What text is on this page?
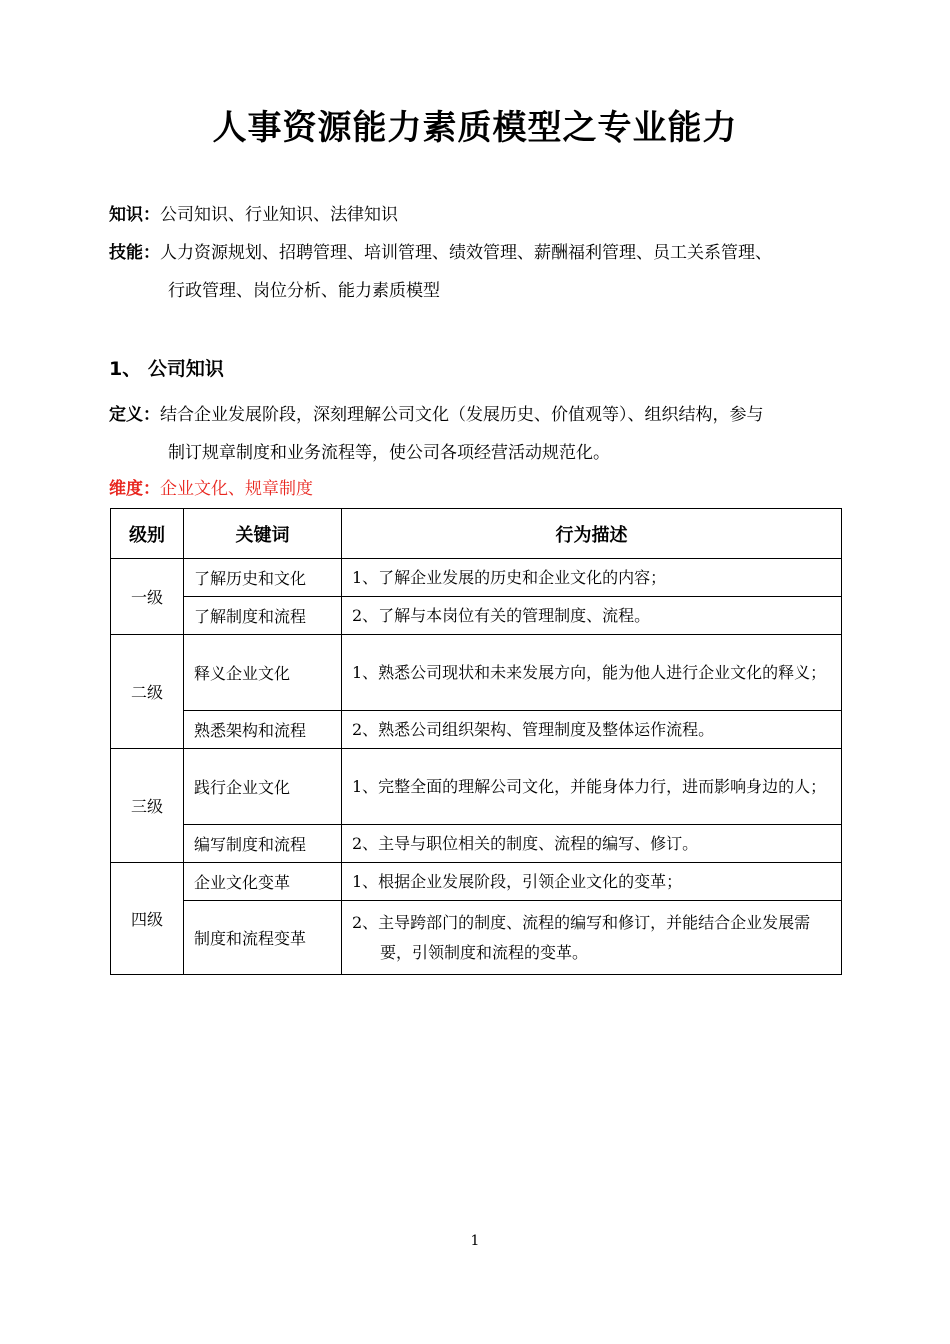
人事资源能力素质模型之专业能力
知识：公司知识、行业知识、法律知识
技能：人力资源规划、招聘管理、培训管理、绩效管理、薪酬福利管理、员工关系管理、
行政管理、岗位分析、能力素质模型
1、 公司知识
定义：结合企业发展阶段，深刻理解公司文化（发展历史、价值观等）、组织结构，参与
制订规章制度和业务流程等，使公司各项经营活动规范化。
维度：企业文化、规章制度
级别	关键词	行为描述
一级	了解历史和文化	1、了解企业发展的历史和企业文化的内容；

	了解制度和流程	2、了解与本岗位有关的管理制度、流程。

二级	释义企业文化	1、熟悉公司现状和未来发展方向，能为他人进行企业文化的释义；

	熟悉架构和流程	2、熟悉公司组织架构、管理制度及整体运作流程。

三级	践行企业文化	1、完整全面的理解公司文化，并能身体力行，进而影响身边的人；

	编写制度和流程	2、主导与职位相关的制度、流程的编写、修订。

四级	企业文化变革	1、根据企业发展阶段，引领企业文化的变革；

	制度和流程变革	2、主导跨部门的制度、流程的编写和修订，并能结合企业发展需要，引领制度和流程的变革。
1
